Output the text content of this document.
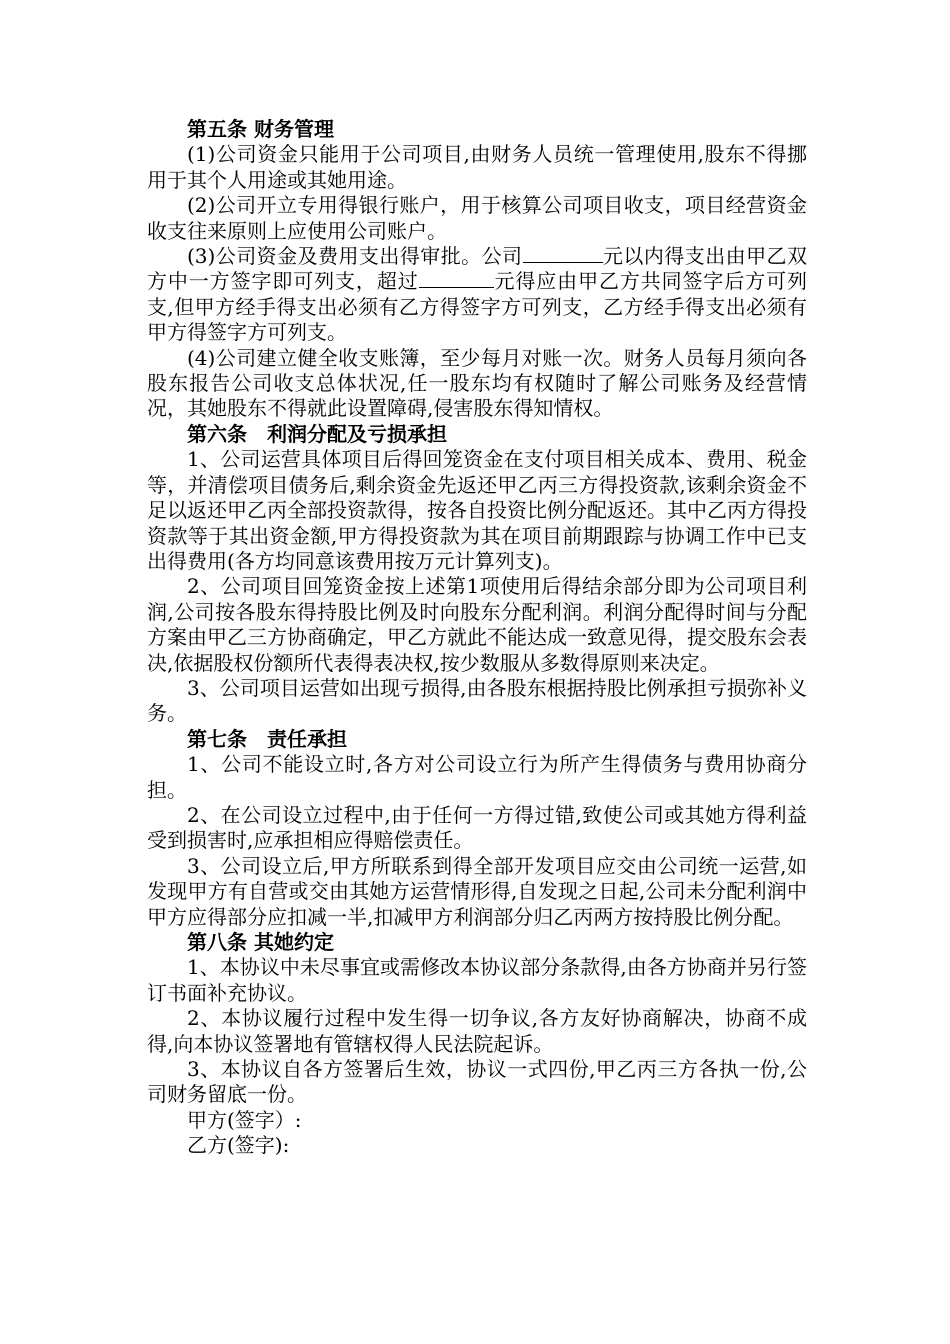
第五条 财务管理

(1)公司资金只能用于公司项目,由财务人员统一管理使用,股东不得挪用于其个人用途或其她用途。

(2)公司开立专用得银行账户，用于核算公司项目收支，项目经营资金收支往来原则上应使用公司账户。

(3)公司资金及费用支出得审批。公司	元以内得支出由甲乙双方中一方签字即可列支，超过	元得应由甲乙方共同签字后方可列支,但甲方经手得支出必须有乙方得签字方可列支，乙方经手得支出必须有甲方得签字方可列支。

(4)公司建立健全收支账簿，至少每月对账一次。财务人员每月须向各股东报告公司收支总体状况,任一股东均有权随时了解公司账务及经营情况，其她股东不得就此设置障碍,侵害股东得知情权。

第六条　利润分配及亏损承担

1、公司运营具体项目后得回笼资金在支付项目相关成本、费用、税金等，并清偿项目债务后,剩余资金先返还甲乙丙三方得投资款,该剩余资金不足以返还甲乙丙全部投资款得，按各自投资比例分配返还。其中乙丙方得投资款等于其出资金额,甲方得投资款为其在项目前期跟踪与协调工作中已支出得费用(各方均同意该费用按万元计算列支)。

2、公司项目回笼资金按上述第1项使用后得结余部分即为公司项目利润,公司按各股东得持股比例及时向股东分配利润。利润分配得时间与分配方案由甲乙三方协商确定，甲乙方就此不能达成一致意见得，提交股东会表决,依据股权份额所代表得表决权,按少数服从多数得原则来决定。

3、公司项目运营如出现亏损得,由各股东根据持股比例承担亏损弥补义务。

第七条　责任承担

1、公司不能设立时,各方对公司设立行为所产生得债务与费用协商分担。

2、在公司设立过程中,由于任何一方得过错,致使公司或其她方得利益受到损害时,应承担相应得赔偿责任。

3、公司设立后,甲方所联系到得全部开发项目应交由公司统一运营,如发现甲方有自营或交由其她方运营情形得,自发现之日起,公司未分配利润中甲方应得部分应扣减一半,扣减甲方利润部分归乙丙两方按持股比例分配。

第八条 其她约定

1、本协议中未尽事宜或需修改本协议部分条款得,由各方协商并另行签订书面补充协议。

2、本协议履行过程中发生得一切争议,各方友好协商解决，协商不成得,向本协议签署地有管辖权得人民法院起诉。

3、本协议自各方签署后生效，协议一式四份,甲乙丙三方各执一份,公司财务留底一份。

甲方(签字）:

乙方(签字):
